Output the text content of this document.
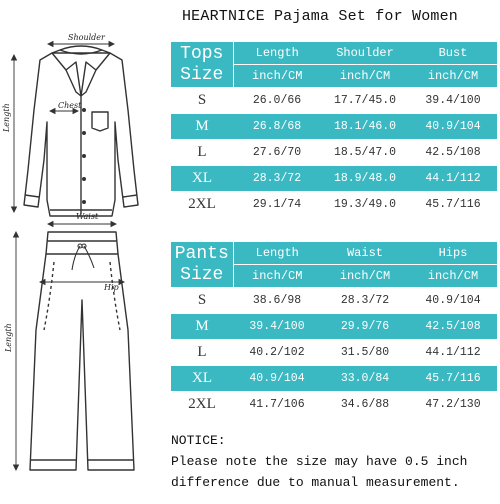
HEARTNICE Pajama Set for Women
Shoulder
Length	Chest
Waist
Hip
Length
Tops
Size	Length	Shoulder	Bust
	inch/CM	inch/CM	inch/CM
S	26.0/66	17.7/45.0	39.4/100
M	26.8/68	18.1/46.0	40.9/104
L	27.6/70	18.5/47.0	42.5/108
XL	28.3/72	18.9/48.0	44.1/112
2XL	29.1/74	19.3/49.0	45.7/116
Pants
Size	Length	Waist	Hips
	inch/CM	inch/CM	inch/CM
S	38.6/98	28.3/72	40.9/104
M	39.4/100	29.9/76	42.5/108
L	40.2/102	31.5/80	44.1/112
XL	40.9/104	33.0/84	45.7/116
2XL	41.7/106	34.6/88	47.2/130
NOTICE:
Please note the size may have 0.5 inch
difference due to manual measurement.
